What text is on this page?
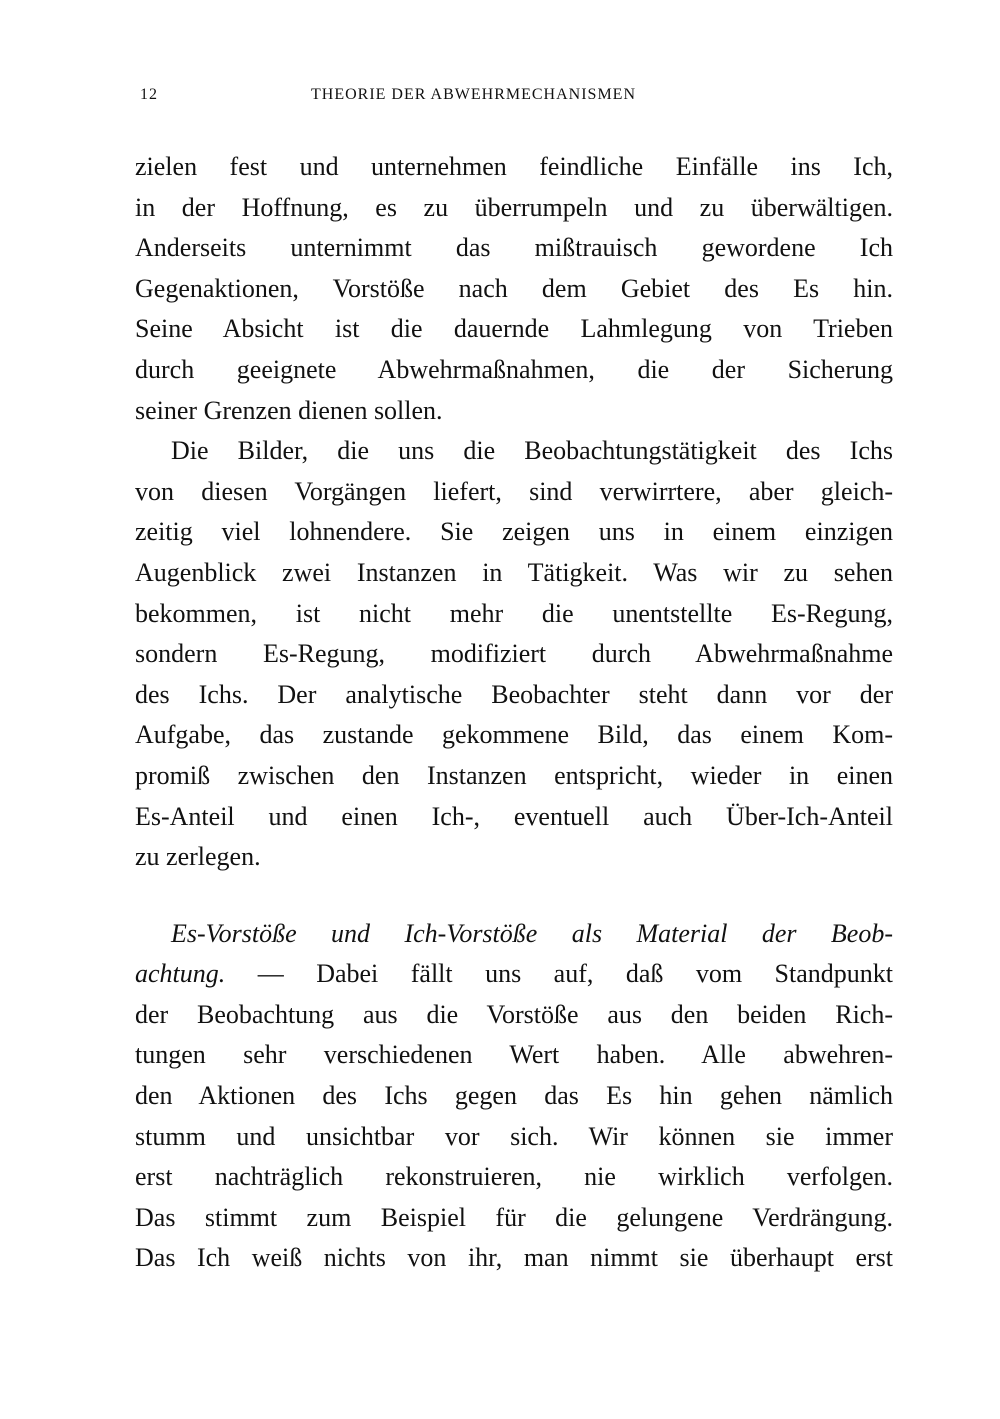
12	THEORIE DER ABWEHRMECHANISMEN
zielen fest und unternehmen feindliche Einfälle ins Ich,
in der Hoffnung, es zu überrumpeln und zu überwältigen.
Anderseits unternimmt das mißtrauisch gewordene Ich
Gegenaktionen, Vorstöße nach dem Gebiet des Es hin.
Seine Absicht ist die dauernde Lahmlegung von Trieben
durch geeignete Abwehrmaßnahmen, die der Sicherung
seiner Grenzen dienen sollen.
Die Bilder, die uns die Beobachtungstätigkeit des Ichs
von diesen Vorgängen liefert, sind verwirrtere, aber gleich-
zeitig viel lohnendere. Sie zeigen uns in einem einzigen
Augenblick zwei Instanzen in Tätigkeit. Was wir zu sehen
bekommen, ist nicht mehr die unentstellte Es-Regung,
sondern Es-Regung, modifiziert durch Abwehrmaßnahme
des Ichs. Der analytische Beobachter steht dann vor der
Aufgabe, das zustande gekommene Bild, das einem Kom-
promiß zwischen den Instanzen entspricht, wieder in einen
Es-Anteil und einen Ich-, eventuell auch Über-Ich-Anteil
zu zerlegen.
Es-Vorstöße und Ich-Vorstöße als Material der Beob-
achtung. — Dabei fällt uns auf, daß vom Standpunkt
der Beobachtung aus die Vorstöße aus den beiden Rich-
tungen sehr verschiedenen Wert haben. Alle abwehren-
den Aktionen des Ichs gegen das Es hin gehen nämlich
stumm und unsichtbar vor sich. Wir können sie immer
erst nachträglich rekonstruieren, nie wirklich verfolgen.
Das stimmt zum Beispiel für die gelungene Verdrängung.
Das Ich weiß nichts von ihr, man nimmt sie überhaupt erst
